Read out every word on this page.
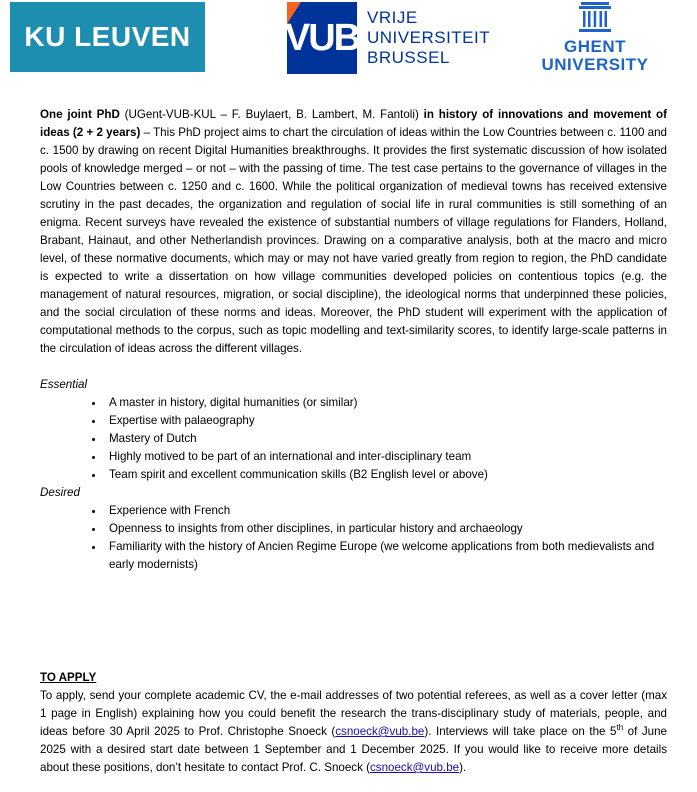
KU LEUVEN VUB VRIJE
UNIVERSITEIT
BRUSSEL
GHENT
UNIVERSITY

One joint PhD (UGent-VUB-KUL – F. Buylaert, B. Lambert, M. Fantoli) in history of innovations and movement of ideas (2 + 2 years) – This PhD project aims to chart the circulation of ideas within the Low Countries between c. 1100 and c. 1500 by drawing on recent Digital Humanities breakthroughs. It provides the first systematic discussion of how isolated pools of knowledge merged – or not – with the passing of time. The test case pertains to the governance of villages in the Low Countries between c. 1250 and c. 1600. While the political organization of medieval towns has received extensive scrutiny in the past decades, the organization and regulation of social life in rural communities is still something of an enigma. Recent surveys have revealed the existence of substantial numbers of village regulations for Flanders, Holland, Brabant, Hainaut, and other Netherlandish provinces. Drawing on a comparative analysis, both at the macro and micro level, of these normative documents, which may or may not have varied greatly from region to region, the PhD candidate is expected to write a dissertation on how village communities developed policies on contentious topics (e.g. the management of natural resources, migration, or social discipline), the ideological norms that underpinned these policies, and the social circulation of these norms and ideas. Moreover, the PhD student will experiment with the application of computational methods to the corpus, such as topic modelling and text-similarity scores, to identify large-scale patterns in the circulation of ideas across the different villages.

Essential
• A master in history, digital humanities (or similar)
• Expertise with palaeography
• Mastery of Dutch
• Highly motived to be part of an international and inter-disciplinary team
• Team spirit and excellent communication skills (B2 English level or above)
Desired
• Experience with French
• Openness to insights from other disciplines, in particular history and archaeology
• Familiarity with the history of Ancien Regime Europe (we welcome applications from both medievalists and early modernists)
TO APPLY

To apply, send your complete academic CV, the e-mail addresses of two potential referees, as well as a cover letter (max 1 page in English) explaining how you could benefit the research the trans-disciplinary study of materials, people, and ideas before 30 April 2025 to Prof. Christophe Snoeck (csnoeck@vub.be). Interviews will take place on the 5th of June 2025 with a desired start date between 1 September and 1 December 2025. If you would like to receive more details about these positions, don’t hesitate to contact Prof. C. Snoeck (csnoeck@vub.be).
